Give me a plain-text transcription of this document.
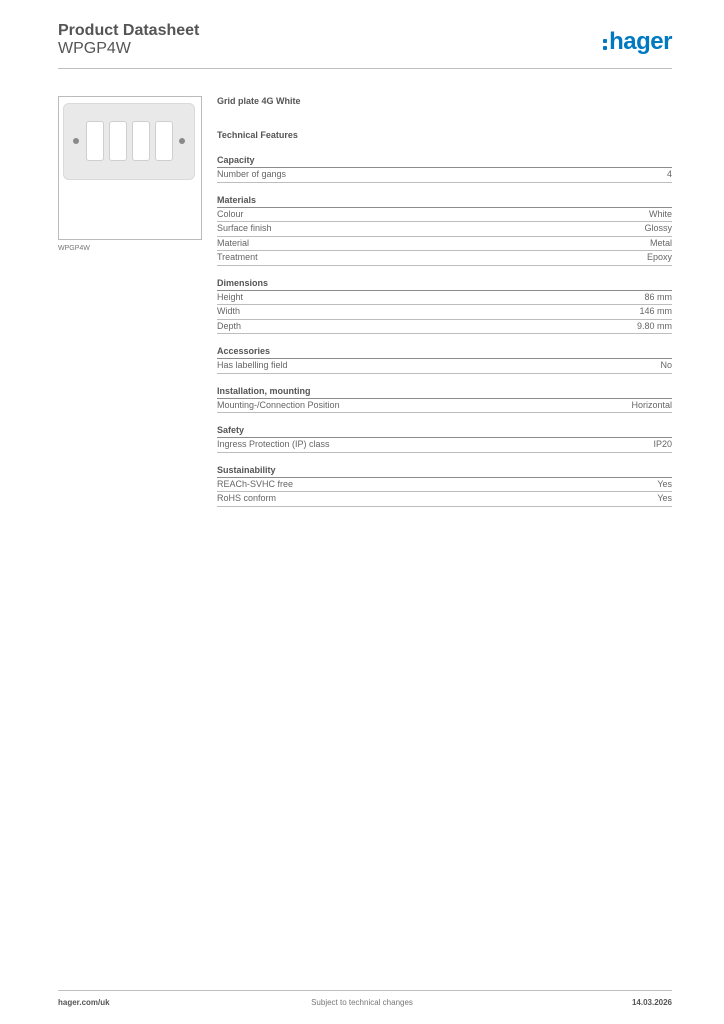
Product Datasheet
WPGP4W	hager
WPGP4W
Grid plate 4G White
Technical Features
Capacity
Number of gangs	4
Materials
Colour	White
Surface finish	Glossy
Material	Metal
Treatment	Epoxy
Dimensions
Height	86 mm
Width	146 mm
Depth	9.80 mm
Accessories
Has labelling field	No
Installation, mounting
Mounting-/Connection Position	Horizontal
Safety
Ingress Protection (IP) class	IP20
Sustainability
REACh-SVHC free	Yes
RoHS conform	Yes
hager.com/uk	Subject to technical changes	14.03.2026
